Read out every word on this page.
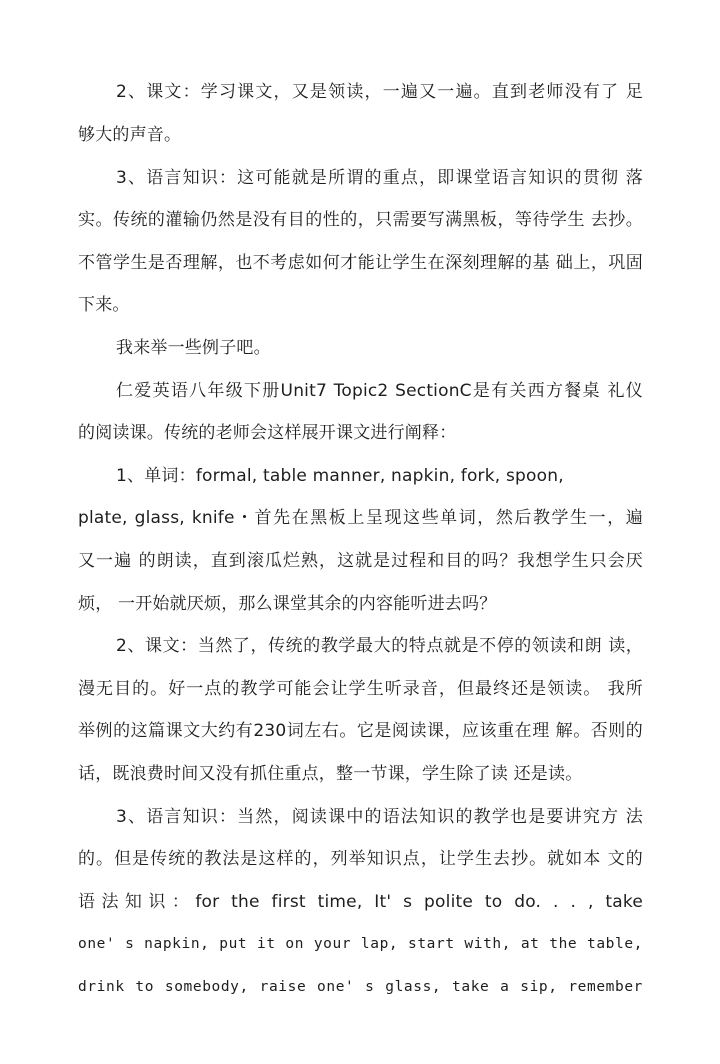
2、课文：学习课文，又是领读，一遍又一遍。直到老师没有了 足
够大的声音。
3、语言知识：这可能就是所谓的重点，即课堂语言知识的贯彻 落
实。传统的灌输仍然是没有目的性的，只需要写满黑板，等待学生 去抄。
不管学生是否理解，也不考虑如何才能让学生在深刻理解的基 础上，巩固
下来。
我来举一些例子吧。
仁爱英语八年级下册Unit7 Topic2 SectionC是有关西方餐桌 礼仪
的阅读课。传统的老师会这样展开课文进行阐释：
1、单词：formal, table manner, napkin, fork, spoon,
plate, glass, knife・首先在黑板上呈现这些单词，然后教学生一，遍
又一遍 的朗读，直到滚瓜烂熟，这就是过程和目的吗？我想学生只会厌
烦， 一开始就厌烦，那么课堂其余的内容能听进去吗？
2、课文：当然了，传统的教学最大的特点就是不停的领读和朗 读，
漫无目的。好一点的教学可能会让学生听录音，但最终还是领读。 我所
举例的这篇课文大约有230词左右。它是阅读课，应该重在理 解。否则的
话，既浪费时间又没有抓住重点，整一节课，学生除了读 还是读。
3、语言知识：当然，阅读课中的语法知识的教学也是要讲究方 法
的。但是传统的教法是这样的，列举知识点，让学生去抄。就如本 文的
语法知识：for the first time, It' s polite to do. . . , take
one' s napkin, put it on your lap, start with, at the table,
drink to somebody, raise one' s glass, take a sip, remember
